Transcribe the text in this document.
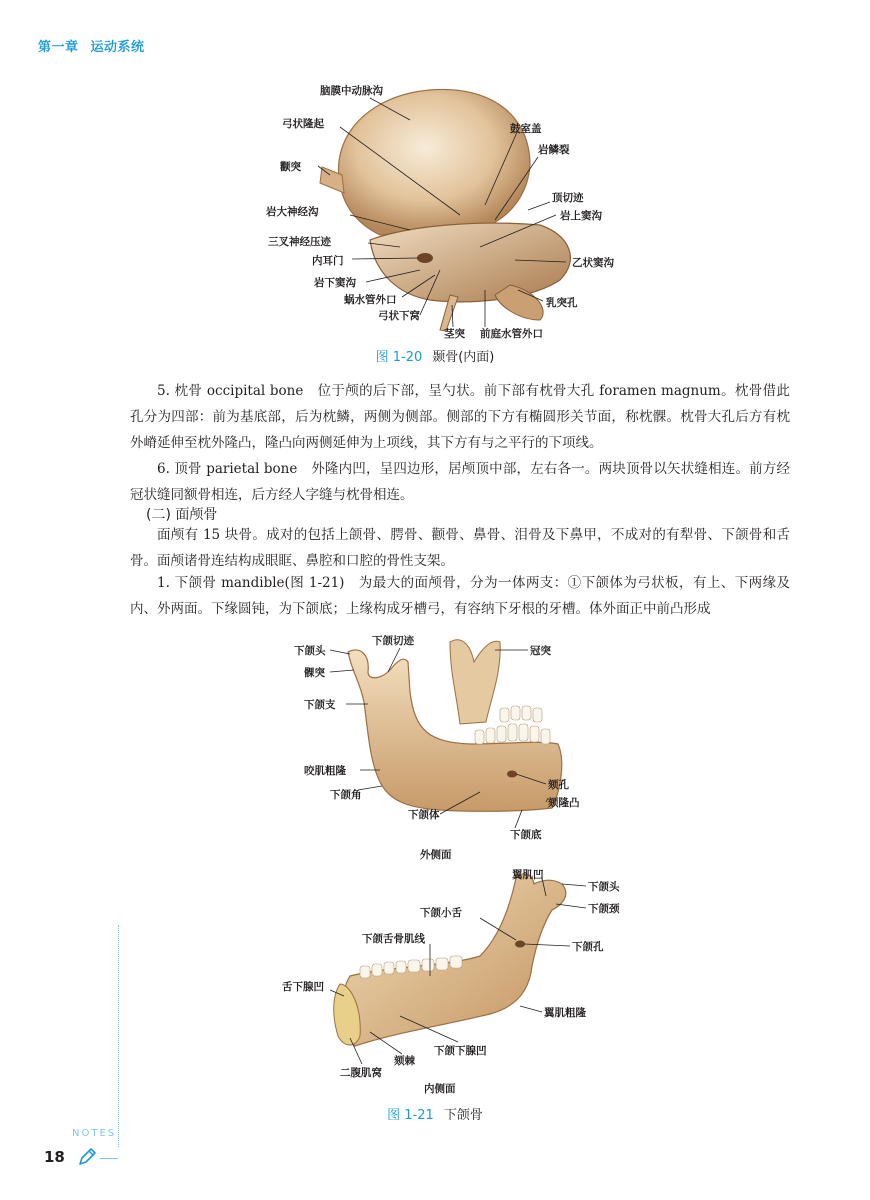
第一章 运动系统
脑膜中动脉沟
弓状隆起	鼓室盖
岩鳞裂
颧突
顶切迹
岩大神经沟	岩上窦沟
三叉神经压迹
内耳门	乙状窦沟
岩下窦沟
蜗水管外口	乳突孔
弓状下窝
茎突 前庭水管外口
图 1-20 颞骨(内面)
5. 枕骨 occipital bone　位于颅的后下部，呈勺状。前下部有枕骨大孔 foramen magnum。枕骨借此孔分为四部：前为基底部，后为枕鳞，两侧为侧部。侧部的下方有椭圆形关节面，称枕髁。枕骨大孔后方有枕外嵴延伸至枕外隆凸，隆凸向两侧延伸为上项线，其下方有与之平行的下项线。
6. 顶骨 parietal bone　外隆内凹，呈四边形，居颅顶中部，左右各一。两块顶骨以矢状缝相连。前方经冠状缝同额骨相连，后方经人字缝与枕骨相连。
(二) 面颅骨
面颅有 15 块骨。成对的包括上颌骨、腭骨、颧骨、鼻骨、泪骨及下鼻甲，不成对的有犁骨、下颌骨和舌骨。面颅诸骨连结构成眼眶、鼻腔和口腔的骨性支架。
1. 下颌骨 mandible(图 1-21)　为最大的面颅骨，分为一体两支：①下颌体为弓状板，有上、下两缘及内、外两面。下缘圆钝，为下颌底；上缘构成牙槽弓，有容纳下牙根的牙槽。体外面正中前凸形成
下颌头
下颌切迹
冠突
髁突
下颌支
咬肌粗隆
颏孔
下颌角
颏隆凸
下颌体
下颌底
外侧面
翼肌凹
下颌头
下颌颈
下颌小舌
下颌舌骨肌线
下颌孔
舌下腺凹
翼肌粗隆
下颌下腺凹
颏棘
二腹肌窝
内侧面
图 1-21 下颌骨
NOTES
18
